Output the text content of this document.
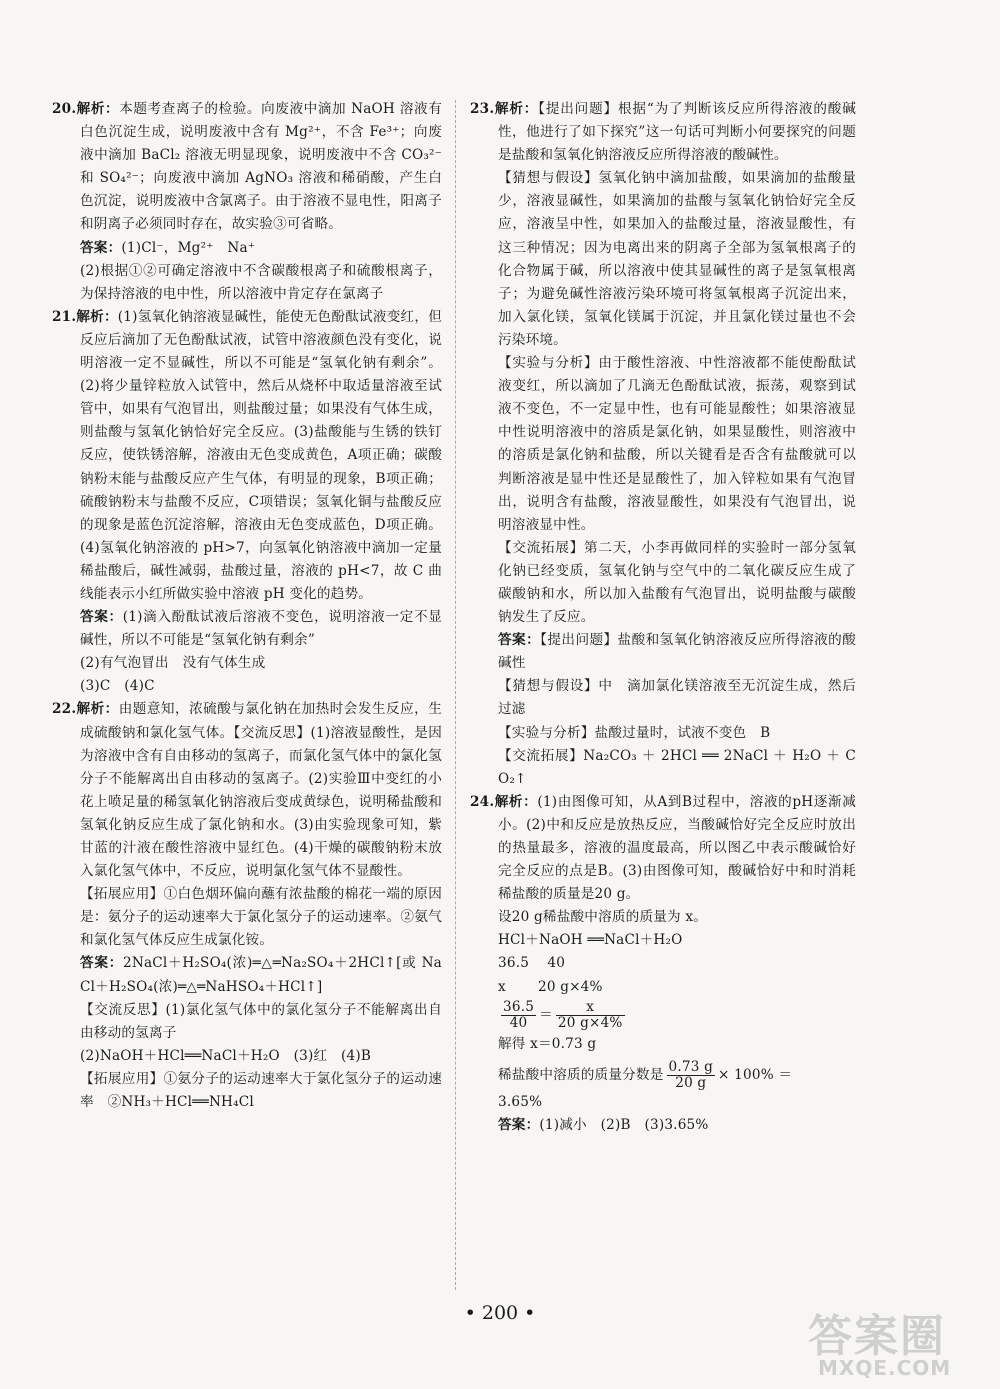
20.解析：本题考查离子的检验。向废液中滴加 NaOH 溶液有白色沉淀生成，说明废液中含有 Mg²⁺，不含 Fe³⁺；向废液中滴加 BaCl₂ 溶液无明显现象，说明废液中不含 CO₃²⁻ 和 SO₄²⁻；向废液中滴加 AgNO₃ 溶液和稀硝酸，产生白色沉淀，说明废液中含氯离子。由于溶液不显电性，阳离子和阴离子必须同时存在，故实验③可省略。

答案：(1)Cl⁻，Mg²⁺　Na⁺

(2)根据①②可确定溶液中不含碳酸根离子和硫酸根离子，为保持溶液的电中性，所以溶液中肯定存在氯离子

21.解析：(1)氢氧化钠溶液显碱性，能使无色酚酞试液变红，但反应后滴加了无色酚酞试液，试管中溶液颜色没有变化，说明溶液一定不显碱性，所以不可能是“氢氧化钠有剩余”。(2)将少量锌粒放入试管中，然后从烧杯中取适量溶液至试管中，如果有气泡冒出，则盐酸过量；如果没有气体生成，则盐酸与氢氧化钠恰好完全反应。(3)盐酸能与生锈的铁钉反应，使铁锈溶解，溶液由无色变成黄色，A项正确；碳酸钠粉末能与盐酸反应产生气体，有明显的现象，B项正确；硫酸钠粉末与盐酸不反应，C项错误；氢氧化铜与盐酸反应的现象是蓝色沉淀溶解，溶液由无色变成蓝色，D项正确。(4)氢氧化钠溶液的 pH>7，向氢氧化钠溶液中滴加一定量稀盐酸后，碱性减弱，盐酸过量，溶液的 pH<7，故 C 曲线能表示小红所做实验中溶液 pH 变化的趋势。

答案：(1)滴入酚酞试液后溶液不变色，说明溶液一定不显碱性，所以不可能是“氢氧化钠有剩余”

(2)有气泡冒出　没有气体生成

(3)C　(4)C

22.解析：由题意知，浓硫酸与氯化钠在加热时会发生反应，生成硫酸钠和氯化氢气体。【交流反思】(1)溶液显酸性，是因为溶液中含有自由移动的氢离子，而氯化氢气体中的氯化氢分子不能解离出自由移动的氢离子。(2)实验Ⅲ中变红的小花上喷足量的稀氢氧化钠溶液后变成黄绿色，说明稀盐酸和氢氧化钠反应生成了氯化钠和水。(3)由实验现象可知，紫甘蓝的汁液在酸性溶液中显红色。(4)干燥的碳酸钠粉末放入氯化氢气体中，不反应，说明氯化氢气体不显酸性。

【拓展应用】①白色烟环偏向蘸有浓盐酸的棉花一端的原因是：氨分子的运动速率大于氯化氢分子的运动速率。②氨气和氯化氢气体反应生成氯化铵。

答案：2NaCl＋H₂SO₄(浓)═△═Na₂SO₄＋2HCl↑[或 NaCl＋H₂SO₄(浓)═△═NaHSO₄＋HCl↑]

【交流反思】(1)氯化氢气体中的氯化氢分子不能解离出自由移动的氢离子

(2)NaOH＋HCl══NaCl＋H₂O　(3)红　(4)B

【拓展应用】①氨分子的运动速率大于氯化氢分子的运动速率　②NH₃＋HCl══NH₄Cl

23.解析：【提出问题】根据“为了判断该反应所得溶液的酸碱性，他进行了如下探究”这一句话可判断小何要探究的问题是盐酸和氢氧化钠溶液反应所得溶液的酸碱性。

【猜想与假设】氢氧化钠中滴加盐酸，如果滴加的盐酸量少，溶液显碱性，如果滴加的盐酸与氢氧化钠恰好完全反应，溶液呈中性，如果加入的盐酸过量，溶液显酸性，有这三种情况；因为电离出来的阴离子全部为氢氧根离子的化合物属于碱，所以溶液中使其显碱性的离子是氢氧根离子；为避免碱性溶液污染环境可将氢氧根离子沉淀出来，加入氯化镁，氢氧化镁属于沉淀，并且氯化镁过量也不会污染环境。

【实验与分析】由于酸性溶液、中性溶液都不能使酚酞试液变红，所以滴加了几滴无色酚酞试液，振荡，观察到试液不变色，不一定显中性，也有可能显酸性；如果溶液显中性说明溶液中的溶质是氯化钠，如果显酸性，则溶液中的溶质是氯化钠和盐酸，所以关键看是否含有盐酸就可以判断溶液是显中性还是显酸性了，加入锌粒如果有气泡冒出，说明含有盐酸，溶液显酸性，如果没有气泡冒出，说明溶液显中性。

【交流拓展】第二天，小李再做同样的实验时一部分氢氧化钠已经变质，氢氧化钠与空气中的二氧化碳反应生成了碳酸钠和水，所以加入盐酸有气泡冒出，说明盐酸与碳酸钠发生了反应。

答案：【提出问题】盐酸和氢氧化钠溶液反应所得溶液的酸碱性

【猜想与假设】中　滴加氯化镁溶液至无沉淀生成，然后过滤

【实验与分析】盐酸过量时，试液不变色　B

【交流拓展】Na₂CO₃ ＋ 2HCl ══ 2NaCl ＋ H₂O ＋ CO₂↑

24.解析：(1)由图像可知，从A到B过程中，溶液的pH逐渐减小。(2)中和反应是放热反应，当酸碱恰好完全反应时放出的热量最多，溶液的温度最高，所以图乙中表示酸碱恰好完全反应的点是B。(3)由图像可知，酸碱恰好中和时消耗稀盐酸的质量是20 g。

设20 g稀盐酸中溶质的质量为 x。

HCl＋NaOH ══NaCl＋H₂O

36.5　 40

x　　 20 g×4%

$\frac{36.5}{40} = \frac{x}{20 g\times 4\%}$

解得 x＝0.73 g

稀盐酸中溶质的质量分数是 $\frac{0.73 g}{20 g} \times 100\%$ ＝

3.65%

答案：(1)减小　(2)B　(3)3.65%

• 200 •	答案圈
MXQE.COM
